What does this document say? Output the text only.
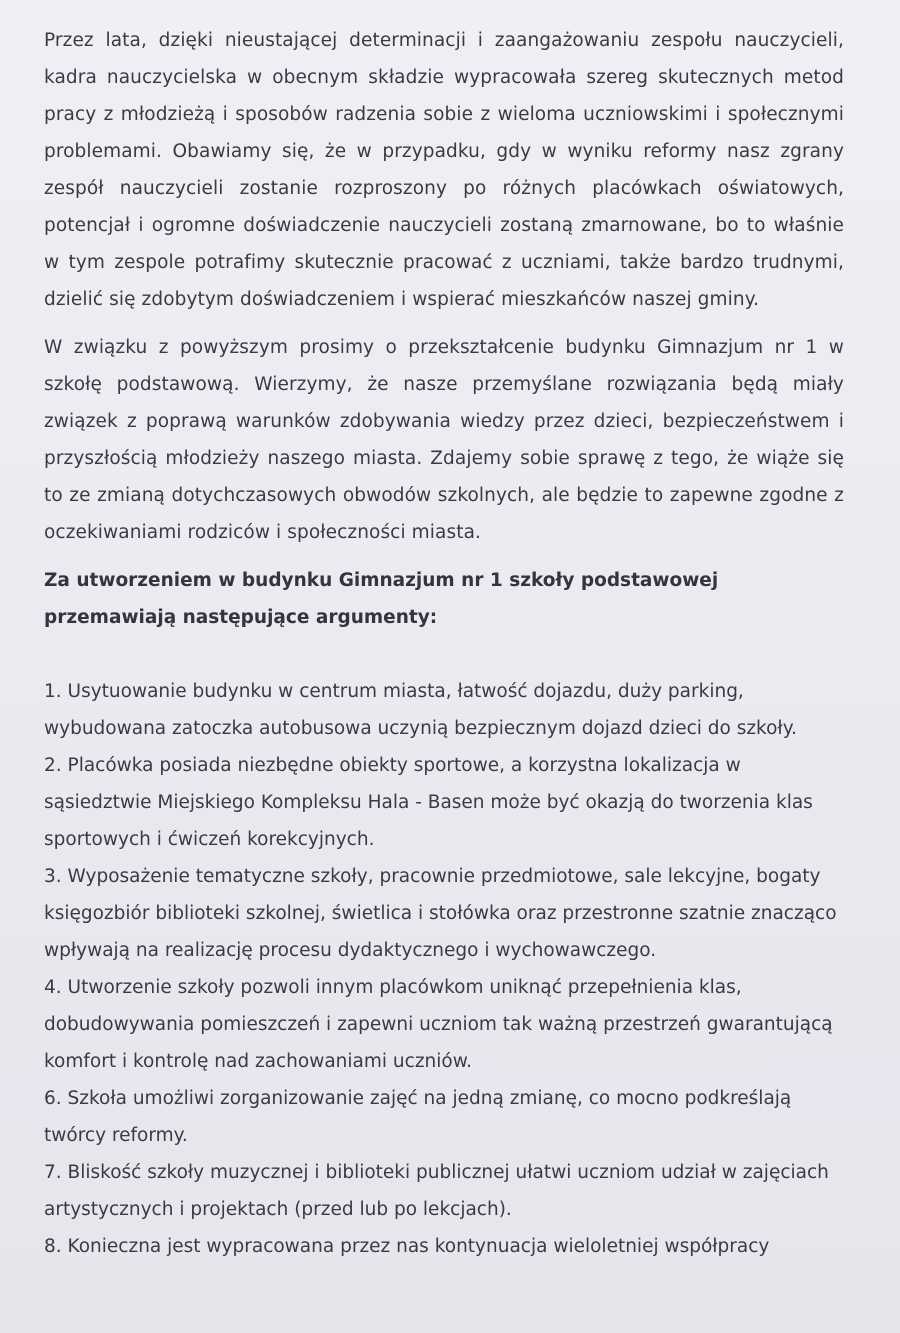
Przez lata, dzięki nieustającej determinacji i zaangażowaniu zespołu nauczycieli, kadra nauczycielska w obecnym składzie wypracowała szereg skutecznych metod pracy z młodzieżą i sposobów radzenia sobie z wieloma uczniowskimi i społecznymi problemami. Obawiamy się, że w przypadku, gdy w wyniku reformy nasz zgrany zespół nauczycieli zostanie rozproszony po różnych placówkach oświatowych, potencjał i ogromne doświadczenie nauczycieli zostaną zmarnowane, bo to właśnie w tym zespole potrafimy skutecznie pracować z uczniami, także bardzo trudnymi, dzielić się zdobytym doświadczeniem i wspierać mieszkańców naszej gminy.

W związku z powyższym prosimy o przekształcenie budynku Gimnazjum nr 1 w szkołę podstawową. Wierzymy, że nasze przemyślane rozwiązania będą miały związek z poprawą warunków zdobywania wiedzy przez dzieci, bezpieczeństwem i przyszłością młodzieży naszego miasta. Zdajemy sobie sprawę z tego, że wiąże się to ze zmianą dotychczasowych obwodów szkolnych, ale będzie to zapewne zgodne z oczekiwaniami rodziców i społeczności miasta.

Za utworzeniem w budynku Gimnazjum nr 1 szkoły podstawowej przemawiają następujące argumenty:

1. Usytuowanie budynku w centrum miasta, łatwość dojazdu, duży parking, wybudowana zatoczka autobusowa uczynią bezpiecznym dojazd dzieci do szkoły.
2. Placówka posiada niezbędne obiekty sportowe, a korzystna lokalizacja w sąsiedztwie Miejskiego Kompleksu Hala - Basen może być okazją do tworzenia klas sportowych i ćwiczeń korekcyjnych.
3. Wyposażenie tematyczne szkoły, pracownie przedmiotowe, sale lekcyjne, bogaty księgozbiór biblioteki szkolnej, świetlica i stołówka oraz przestronne szatnie znacząco wpływają na realizację procesu dydaktycznego i wychowawczego.
4. Utworzenie szkoły pozwoli innym placówkom uniknąć przepełnienia klas, dobudowywania pomieszczeń i zapewni uczniom tak ważną przestrzeń gwarantującą komfort i kontrolę nad zachowaniami uczniów.
6. Szkoła umożliwi zorganizowanie zajęć na jedną zmianę, co mocno podkreślają twórcy reformy.
7. Bliskość szkoły muzycznej i biblioteki publicznej ułatwi uczniom udział w zajęciach artystycznych i projektach (przed lub po lekcjach).
8. Konieczna jest wypracowana przez nas kontynuacja wieloletniej współpracy
